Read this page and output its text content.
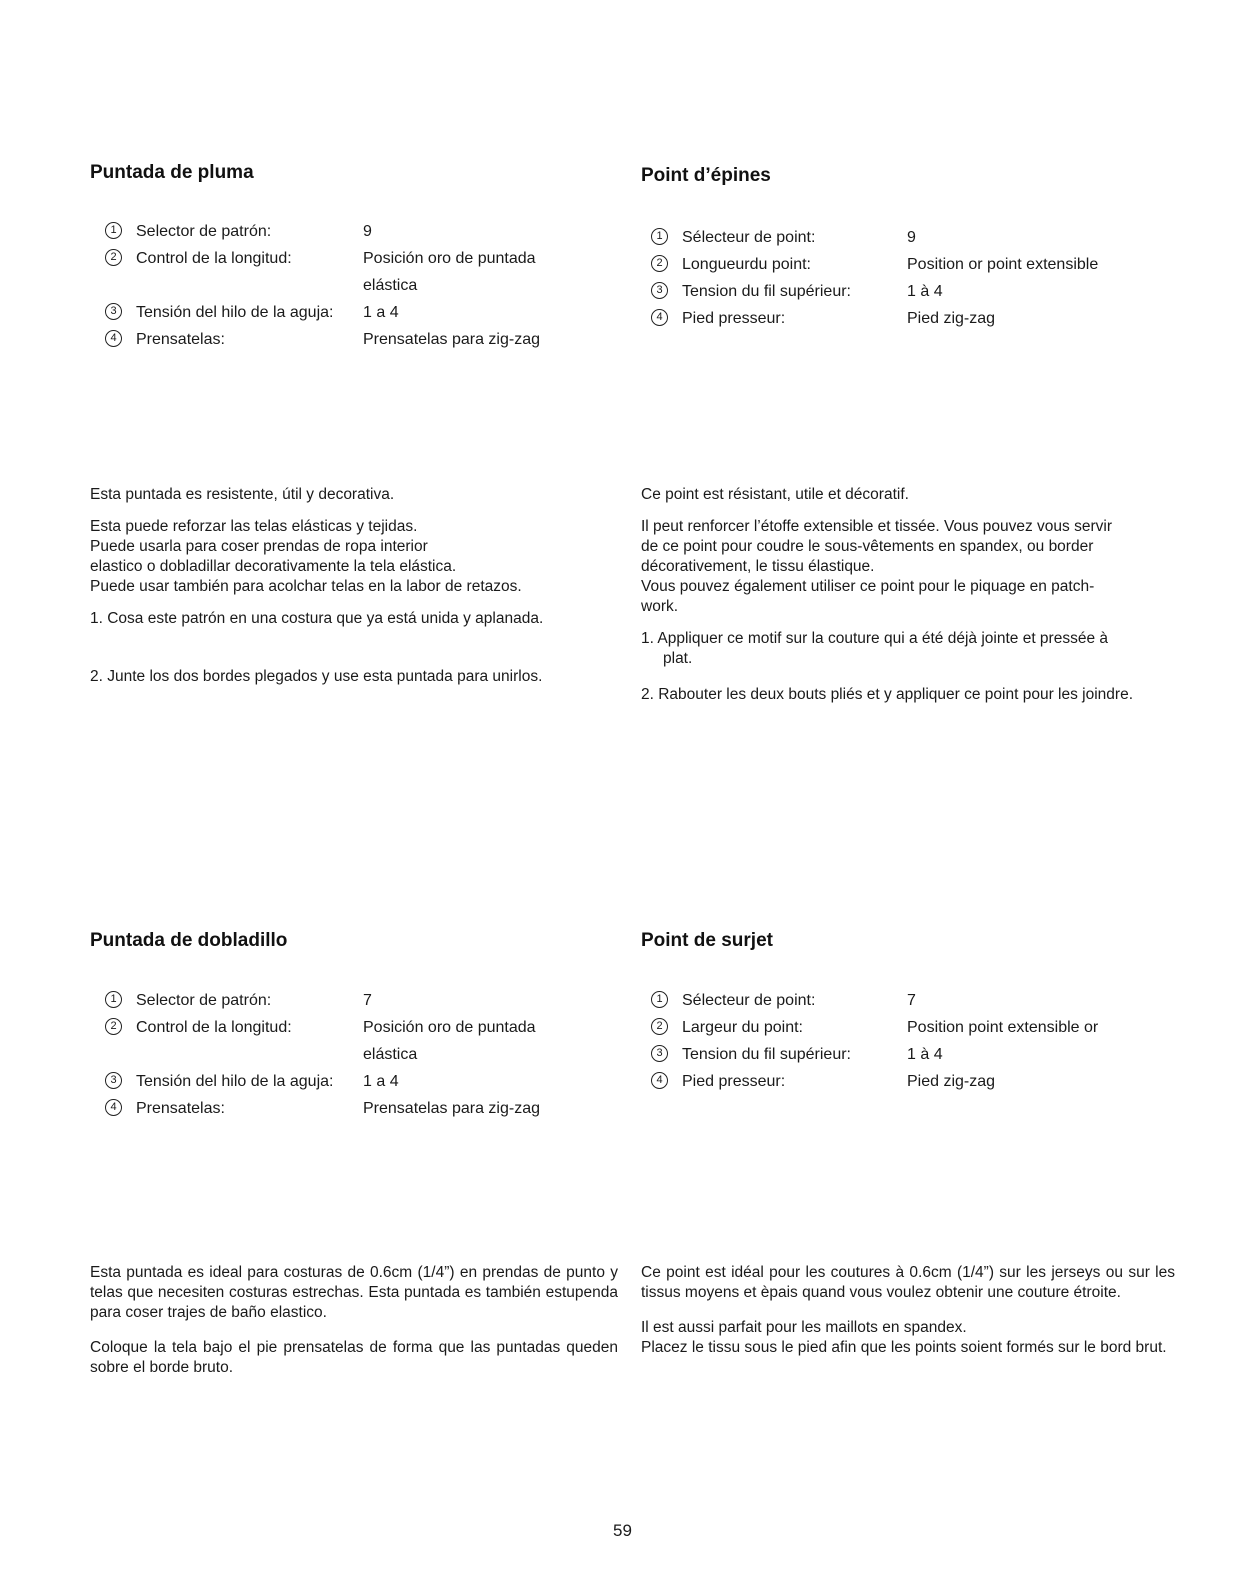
Puntada de pluma
1	Selector de patrón:	9
2	Control de la longitud:	Posición oro de puntada
elástica
3	Tensión del hilo de la aguja:	1 a 4
4	Prensatelas:	Prensatelas para zig-zag

Esta puntada es resistente, útil y decorativa.

Esta puede reforzar las telas elásticas y tejidas.

Puede usarla para coser prendas de ropa interior

elastico o dobladillar decorativamente la tela elástica.

Puede usar también para acolchar telas en la labor de retazos.

1. Cosa este patrón en una costura que ya está unida y aplanada.

2. Junte los dos bordes plegados y use esta puntada para unirlos.

Point d’épines
1	Sélecteur de point:	9
2	Longueurdu point:	Position or point extensible
3	Tension du fil supérieur:	1 à 4
4	Pied presseur:	Pied zig-zag

Ce point est résistant, utile et décoratif.

Il peut renforcer l’étoffe extensible et tissée. Vous pouvez vous servir

de ce point pour coudre le sous-vêtements en spandex, ou border

décorativement, le tissu élastique.

Vous pouvez également utiliser ce point pour le piquage en patch-

work.

1. Appliquer ce motif sur la couture qui a été déjà jointe et pressée à plat.

2. Rabouter les deux bouts pliés et y appliquer ce point pour les joindre.

Puntada de dobladillo
1	Selector de patrón:	7
2	Control de la longitud:	Posición oro de puntada
elástica
3	Tensión del hilo de la aguja:	1 a 4
4	Prensatelas:	Prensatelas para zig-zag

Esta puntada es ideal para costuras de 0.6cm (1/4”) en prendas de punto y telas que necesiten costuras estrechas. Esta puntada es también estupenda para coser trajes de baño elastico.

Coloque la tela bajo el pie prensatelas de forma que las puntadas queden sobre el borde bruto.

Point de surjet
1	Sélecteur de point:	7
2	Largeur du point:	Position point extensible or
3	Tension du fil supérieur:	1 à 4
4	Pied presseur:	Pied zig-zag

Ce point est idéal pour les coutures à 0.6cm (1/4”) sur les jerseys ou sur les tissus moyens et èpais quand vous voulez obtenir une couture étroite.

Il est aussi parfait pour les maillots en spandex.

Placez le tissu sous le pied afin que les points soient formés sur le bord brut.

59
